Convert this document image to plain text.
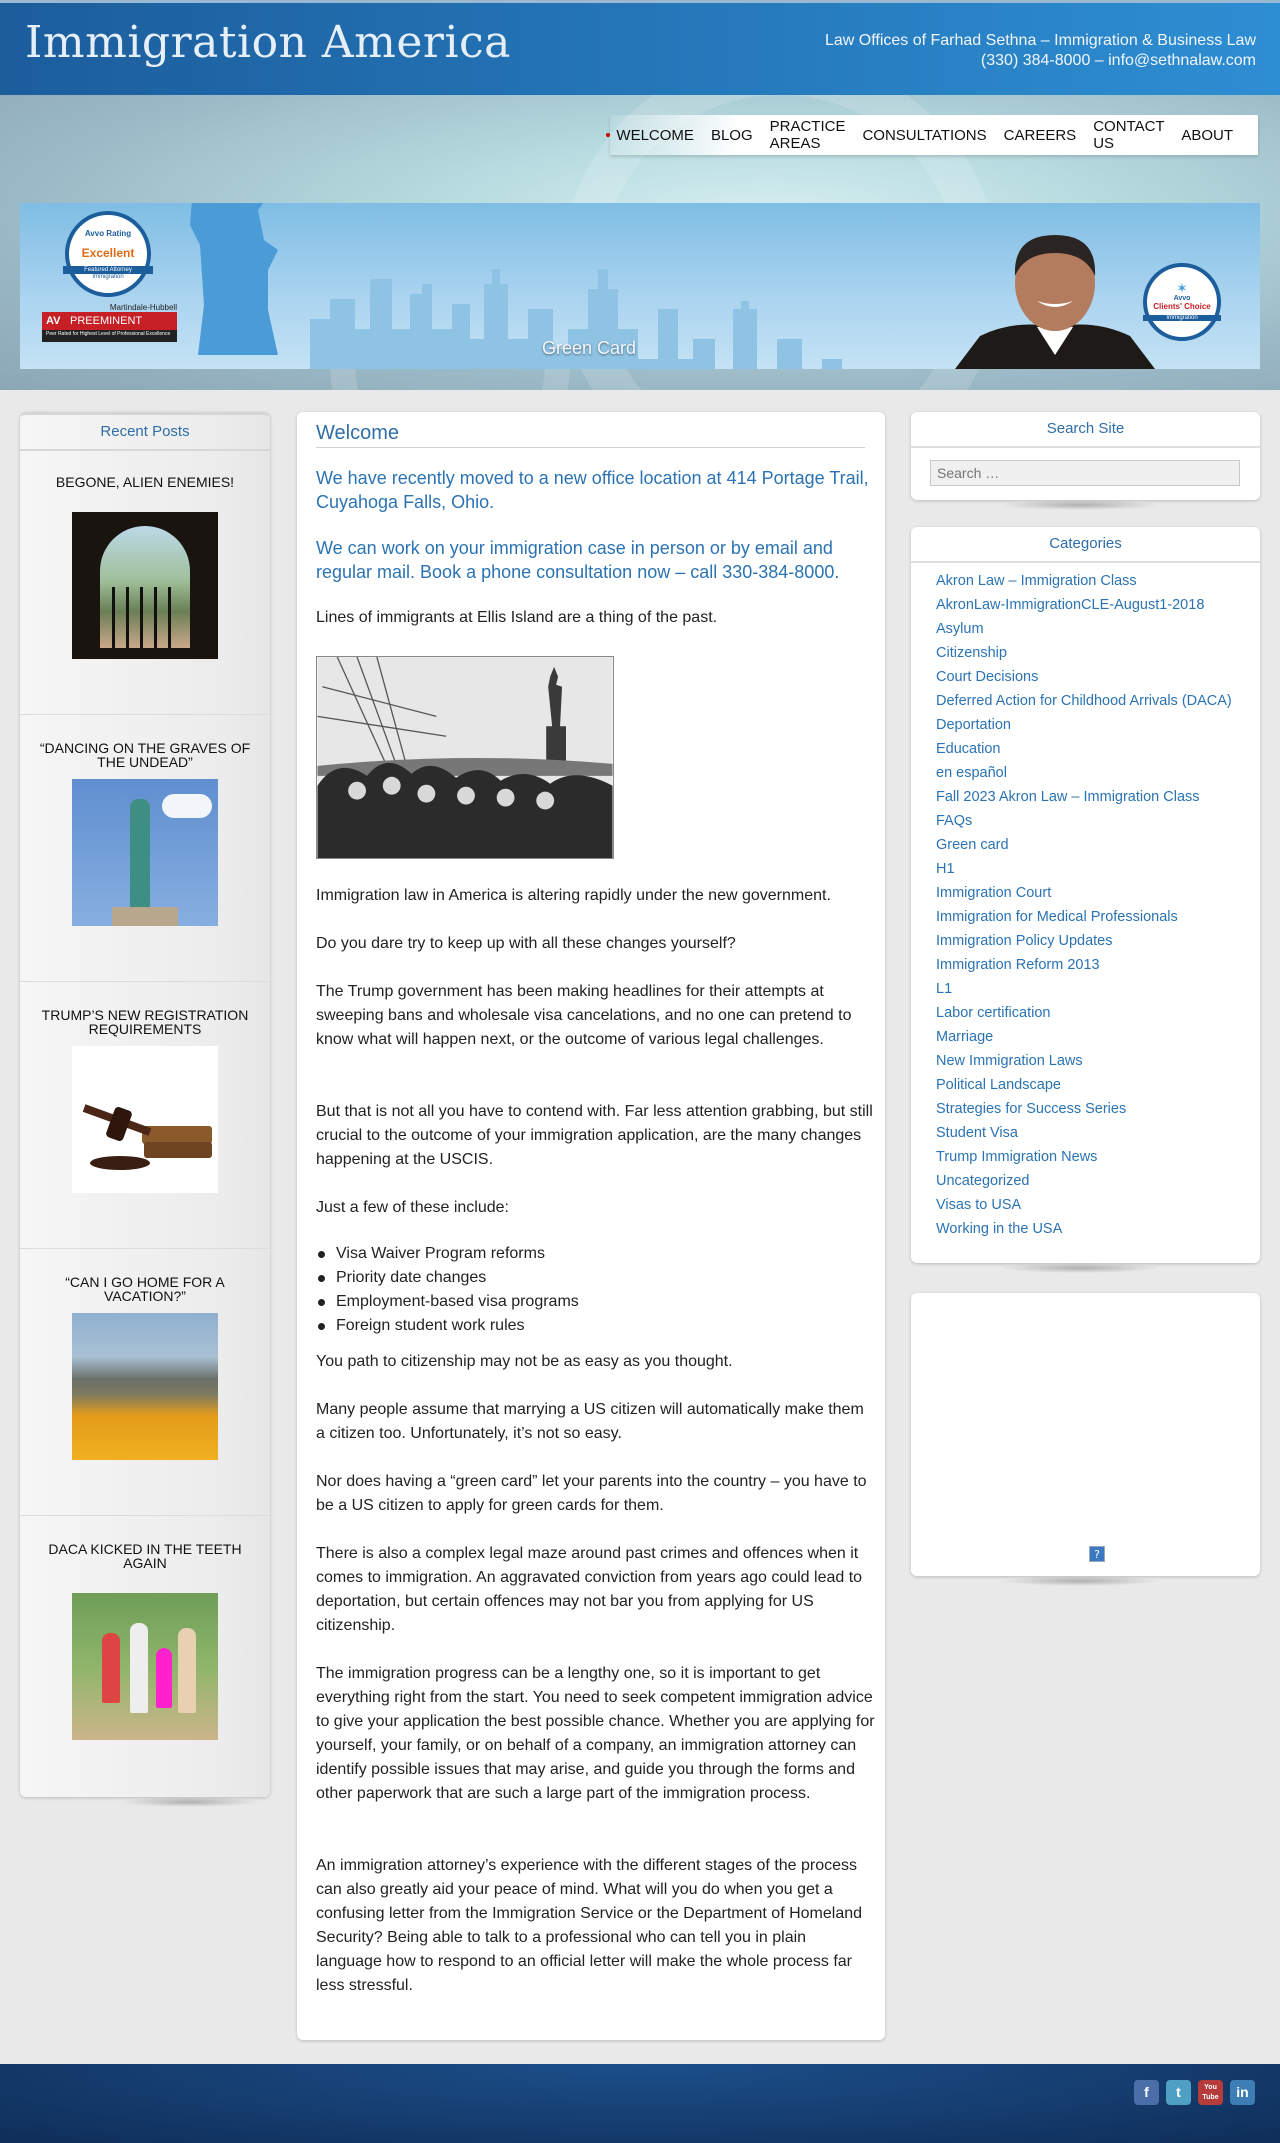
Immigration America	Law Offices of Farhad Sethna – Immigration & Business Law
(330) 384-8000 – info@sethnalaw.com
WELCOME BLOG PRACTICE AREAS	CONSULTATIONS CAREERS CONTACT US	ABOUT
Avvo Rating
Excellent
Featured Attorney
Immigration
Martindale-Hubbell
AV PREEMINENT
Peer Rated for Highest Level of Professional Excellence
✶
Avvo
Clients' Choice
Immigration
Green Card
Recent Posts
BEGONE, ALIEN ENEMIES!
“DANCING ON THE GRAVES OF THE UNDEAD”
TRUMP’S NEW REGISTRATION REQUIREMENTS
“CAN I GO HOME FOR A VACATION?”
DACA KICKED IN THE TEETH AGAIN
Welcome
We have recently moved to a new office location at 414 Portage Trail, Cuyahoga Falls, Ohio.
We can work on your immigration case in person or by email and regular mail. Book a phone consultation now – call 330-384-8000.
Lines of immigrants at Ellis Island are a thing of the past.
Immigration law in America is altering rapidly under the new government.
Do you dare try to keep up with all these changes yourself?
The Trump government has been making headlines for their attempts at sweeping bans and wholesale visa cancelations, and no one can pretend to know what will happen next, or the outcome of various legal challenges.
But that is not all you have to contend with. Far less attention grabbing, but still crucial to the outcome of your immigration application, are the many changes happening at the USCIS.
Just a few of these include:
Visa Waiver Program reforms
Priority date changes
Employment-based visa programs
Foreign student work rules
You path to citizenship may not be as easy as you thought.
Many people assume that marrying a US citizen will automatically make them a citizen too. Unfortunately, it’s not so easy.
Nor does having a “green card” let your parents into the country – you have to be a US citizen to apply for green cards for them.
There is also a complex legal maze around past crimes and offences when it comes to immigration. An aggravated conviction from years ago could lead to deportation, but certain offences may not bar you from applying for US citizenship.
The immigration progress can be a lengthy one, so it is important to get everything right from the start. You need to seek competent immigration advice to give your application the best possible chance. Whether you are applying for yourself, your family, or on behalf of a company, an immigration attorney can identify possible issues that may arise, and guide you through the forms and other paperwork that are such a large part of the immigration process.
An immigration attorney’s experience with the different stages of the process can also greatly aid your peace of mind. What will you do when you get a confusing letter from the Immigration Service or the Department of Homeland Security? Being able to talk to a professional who can tell you in plain language how to respond to an official letter will make the whole process far less stressful.
Search Site
Search …
Categories
Akron Law – Immigration Class
AkronLaw-ImmigrationCLE-August1-2018
Asylum
Citizenship
Court Decisions
Deferred Action for Childhood Arrivals (DACA)
Deportation
Education
en español
Fall 2023 Akron Law – Immigration Class
FAQs
Green card
H1
Immigration Court
Immigration for Medical Professionals
Immigration Policy Updates
Immigration Reform 2013
L1
Labor certification
Marriage
New Immigration Laws
Political Landscape
Strategies for Success Series
Student Visa
Trump Immigration News
Uncategorized
Visas to USA
Working in the USA
?
f	t	You Tube	in
